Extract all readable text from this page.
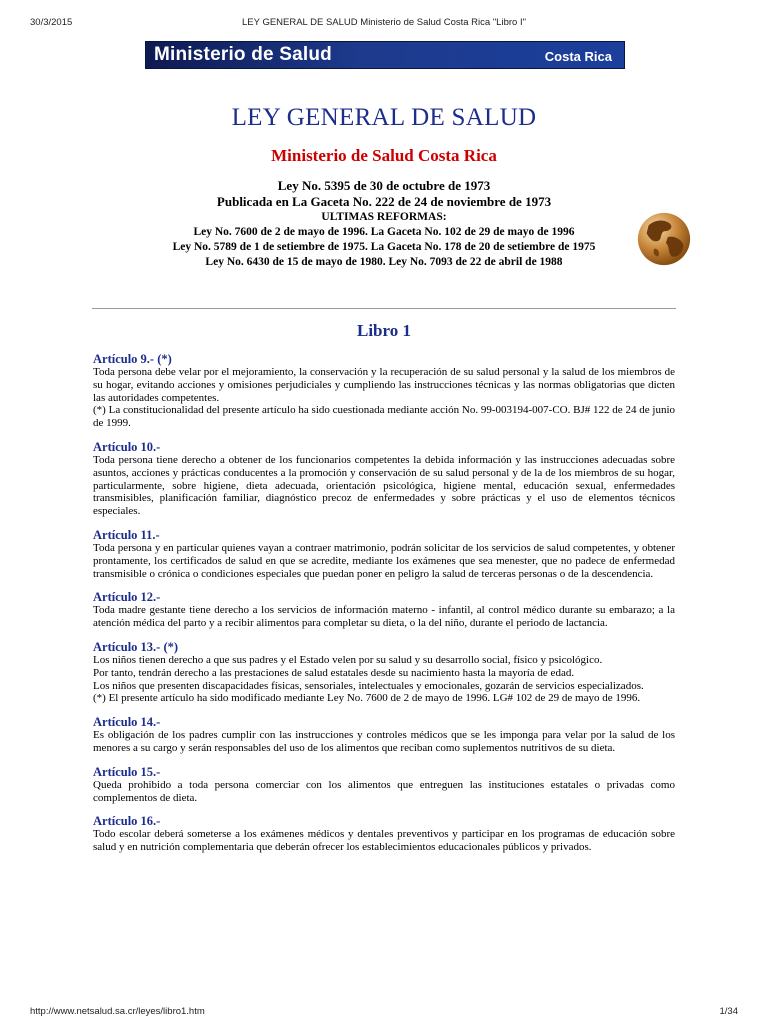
30/3/2015	LEY GENERAL DE SALUD Ministerio de Salud Costa Rica "Libro I"
Ministerio de Salud	Costa Rica
LEY GENERAL DE SALUD
Ministerio de Salud Costa Rica
Ley No. 5395 de 30 de octubre de 1973
Publicada en La Gaceta No. 222 de 24 de noviembre de 1973
ULTIMAS REFORMAS:
Ley No. 7600 de 2 de mayo de 1996. La Gaceta No. 102 de 29 de mayo de 1996
Ley No. 5789 de 1 de setiembre de 1975. La Gaceta No. 178 de 20 de setiembre de 1975
Ley No. 6430 de 15 de mayo de 1980. Ley No. 7093 de 22 de abril de 1988
Libro 1
Artículo 9.- (*)

Toda persona debe velar por el mejoramiento, la conservación y la recuperación de su salud personal y la salud de los miembros de su hogar, evitando acciones y omisiones perjudiciales y cumpliendo las instrucciones técnicas y las normas obligatorias que dicten las autoridades competentes.

(*) La constitucionalidad del presente artículo ha sido cuestionada mediante acción No. 99-003194-007-CO. BJ# 122 de 24 de junio de 1999.

Artículo 10.-

Toda persona tiene derecho a obtener de los funcionarios competentes la debida información y las instrucciones adecuadas sobre asuntos, acciones y prácticas conducentes a la promoción y conservación de su salud personal y de la de los miembros de su hogar, particularmente, sobre higiene, dieta adecuada, orientación psicológica, higiene mental, educación sexual, enfermedades transmisibles, planificación familiar, diagnóstico precoz de enfermedades y sobre prácticas y el uso de elementos técnicos especiales.

Artículo 11.-

Toda persona y en particular quienes vayan a contraer matrimonio, podrán solicitar de los servicios de salud competentes, y obtener prontamente, los certificados de salud en que se acredite, mediante los exámenes que sea menester, que no padece de enfermedad transmisible o crónica o condiciones especiales que puedan poner en peligro la salud de terceras personas o de la descendencia.

Artículo 12.-

Toda madre gestante tiene derecho a los servicios de información materno - infantil, al control médico durante su embarazo; a la atención médica del parto y a recibir alimentos para completar su dieta, o la del niño, durante el periodo de lactancia.

Artículo 13.- (*)

Los niños tienen derecho a que sus padres y el Estado velen por su salud y su desarrollo social, físico y psicológico.

Por tanto, tendrán derecho a las prestaciones de salud estatales desde su nacimiento hasta la mayoría de edad.

Los niños que presenten discapacidades físicas, sensoriales, intelectuales y emocionales, gozarán de servicios especializados.

(*) El presente artículo ha sido modificado mediante Ley No. 7600 de 2 de mayo de 1996. LG# 102 de 29 de mayo de 1996.

Artículo 14.-

Es obligación de los padres cumplir con las instrucciones y controles médicos que se les imponga para velar por la salud de los menores a su cargo y serán responsables del uso de los alimentos que reciban como suplementos nutritivos de su dieta.

Artículo 15.-

Queda prohibido a toda persona comerciar con los alimentos que entreguen las instituciones estatales o privadas como complementos de dieta.

Artículo 16.-

Todo escolar deberá someterse a los exámenes médicos y dentales preventivos y participar en los programas de educación sobre salud y en nutrición complementaria que deberán ofrecer los establecimientos educacionales públicos y privados.

http://www.netsalud.sa.cr/leyes/libro1.htm	1/34
